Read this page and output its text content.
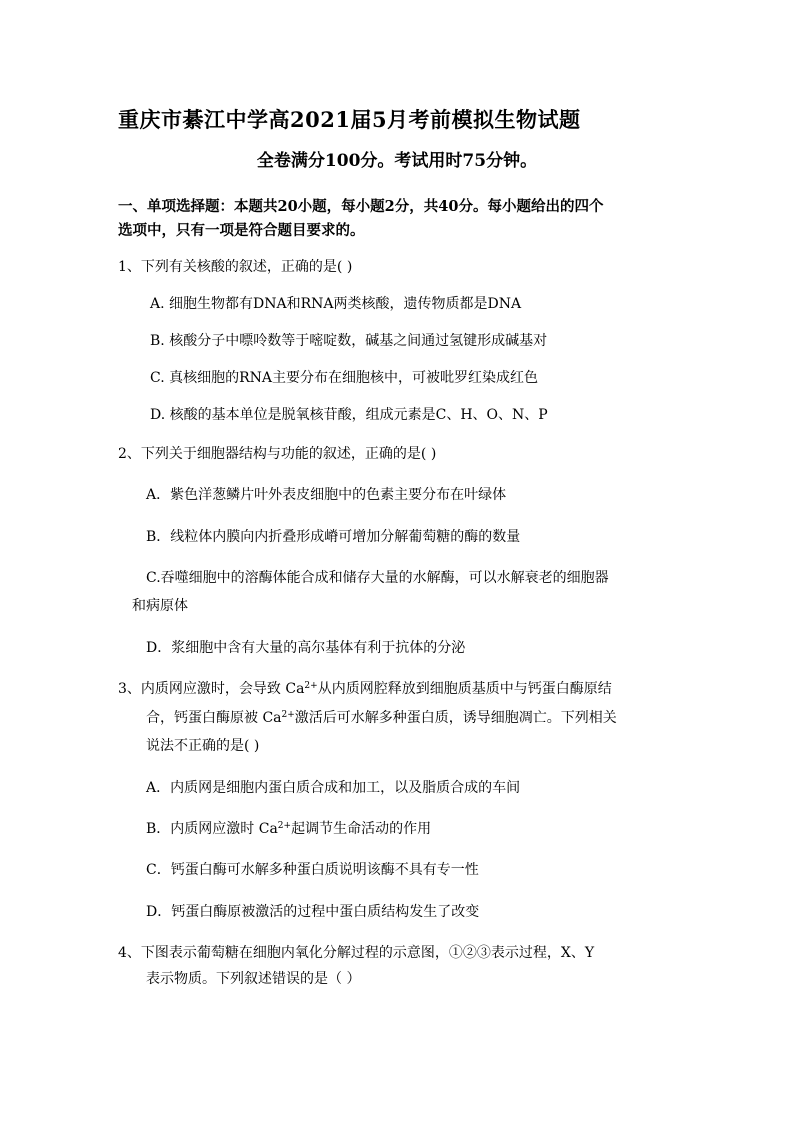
重庆市綦江中学高2021届5月考前模拟生物试题
全卷满分100分。考试用时75分钟。
一、单项选择题：本题共20小题，每小题2分，共40分。每小题给出的四个
选项中，只有一项是符合题目要求的。
1、下列有关核酸的叙述，正确的是( )
A. 细胞生物都有DNA和RNA两类核酸，遗传物质都是DNA
B. 核酸分子中嘌呤数等于嘧啶数，碱基之间通过氢键形成碱基对
C. 真核细胞的RNA主要分布在细胞核中，可被吡罗红染成红色
D. 核酸的基本单位是脱氧核苷酸，组成元素是C、H、O、N、P
2、下列关于细胞器结构与功能的叙述，正确的是( )
A．紫色洋葱鳞片叶外表皮细胞中的色素主要分布在叶绿体
B．线粒体内膜向内折叠形成嵴可增加分解葡萄糖的酶的数量
C.吞噬细胞中的溶酶体能合成和储存大量的水解酶，可以水解衰老的细胞器
和病原体
D．浆细胞中含有大量的高尔基体有利于抗体的分泌
3、内质网应激时，会导致 $Ca^{2+}$从内质网腔释放到细胞质基质中与钙蛋白酶原结
合，钙蛋白酶原被 $Ca^{2+}$激活后可水解多种蛋白质，诱导细胞凋亡。下列相关
说法不正确的是( )
A．内质网是细胞内蛋白质合成和加工，以及脂质合成的车间
B．内质网应激时 $Ca^{2+}$起调节生命活动的作用
C．钙蛋白酶可水解多种蛋白质说明该酶不具有专一性
D．钙蛋白酶原被激活的过程中蛋白质结构发生了改变
4、下图表示葡萄糖在细胞内氧化分解过程的示意图，①②③表示过程，X、Y
表示物质。下列叙述错误的是（ ）
